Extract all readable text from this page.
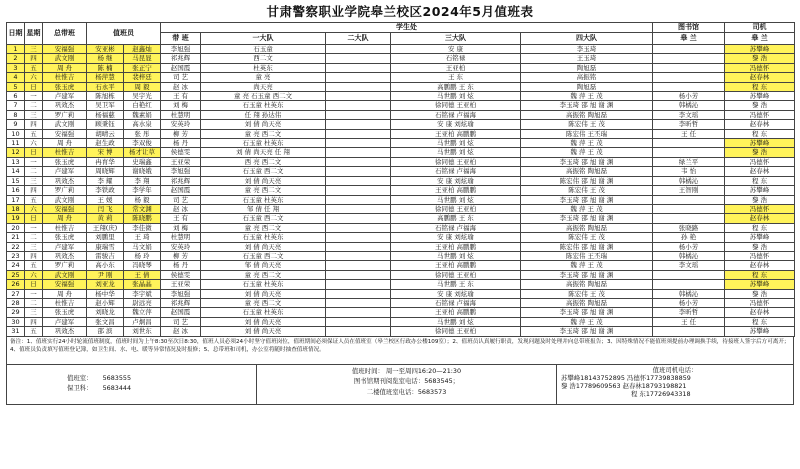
甘肃警察职业学院皋兰校区2024年5月值班表
日期	星期	总带班	值班员		学生处					图书馆	司机
					带 班	一大队	二大队	三大队	四大队	皋 兰	皋 兰
1	三	安福强	安亚彬	赵鑫灿	李旭强	石玉童		安 康	李玉琦		苏攀峰
2	四	武文刚	杨 继	马昆显	祁兆辉	西二文		石铭禄	王玉琦		黎 浩
3	五	周 舟	陈 楠	张正宁	赵国霞	杜英东		王亚柏	陶旭磊		冯德怀
4	六	杜惟吉	杨萍慧	裴梓廷	司 艺	童 亮		王 东	高振铭		赵春林
5	日	张玉虎	石永平	周 毅	赵 冰	尚天亮		高鹏鹏 王 东	陶旭磊		程 东
6	一	卢建军	陈旭栋	吴宇光	王 有	童 亮 石玉童 西二文		马世鹏 刘 炫	魏 萍 王 茂	杨小芳	苏攀峰
7	二	巩效杰	吴卫军	白艳红	刘 梅	石玉童 杜英东		徐同德 王亚柏	李玉琦 邵 旭 谢 渊	韩橘沁	黎 浩
8	三	罗广莉	杨福慈	魏素娟	杜慧明	任 翔 孙达伟		石铭禄 卢福海	高振铭 陶旭磊	李文瑶	冯德怀
9	四	武文刚	顾秉钰	高水泉	安英玲	刘 倩 尚天亮		安 康 刘炫瑜	陈宏伟 王 茂	李昕哲	赵春林
10	五	安福强	胡晴云	张 彤	柳 芳	童 亮 西二文		王亚柏 高鹏鹏	陈宏伟 王丕瑞	王 任	程 东
11	六	周 舟	赵生政	李双俊	杨 丹	石玉童 杜英东		马世鹏 刘 炫	魏 萍 王 茂		苏攀峰
12	日	杜惟吉	宋 博	杨才让草	侯德雯	刘 倩 尚天亮 任 翔		马世鹏 刘 炫	魏 萍 王 茂		黎 浩
13	一	张玉虎	冉育华	史瑞鑫	王亚荣	西 亮 西二文		徐同德 王亚柏	李玉琦 邵 旭 谢 渊	绿兰平	冯德怀
14	二	卢建军	周晓辉	谢晓娥	李旭强	石玉童 西二文		石铭禄 卢福海	高振铭 陶旭磊	韦 怡	赵春林
15	三	巩效杰	李 耀	李 翔	祁兆辉	刘 倩 尚天亮		安 康 刘炫瑜	陈宏伟 邵 旭 谢 渊	韩橘沁	程 东
16	四	罗广莉	李铁政	李学年	赵国霞	童 亮 西二文		王亚柏 高鹏鹏	陈宏伟 王 茂	王智刚	苏攀峰
17	五	武文刚	王 媛	杨 毅	司 艺	石玉童 杜英东		马世鹏 刘 炫	李玉琦 邵 旭 谢 渊		黎 浩
18	六	安福强	闫 飞	常文渊	赵 冰	邹 倩 任 翔		徐同德 王亚柏	魏 萍 王 茂		冯德怀
19	日	周 舟	黄 莉	陈晓鹏	王 有	石玉童 西二文		高鹏鹏 王 东	李玉琦 邵 旭 谢 渊		赵春林
20	一	杜惟吉	王翔(庆)	李佳微	刘 梅	童 亮 西二文		石铭禄 卢福海	高振铭 陶旭磊	张晓路	程 东
21	二	张玉虎	刘鹏里	王 琦	杜慧明	石玉童 杜英东		安 康 刘炫瑜	陈宏伟 王 茂	孙 艳	苏攀峰
22	三	卢建军	康瑞雪	马文娟	安英玲	刘 倩 尚天亮		王亚柏 高鹏鹏	陈宏伟 邵 旭 谢 渊	杨小芳	黎 浩
23	四	巩效杰	雷骏吉	杨 玲	柳 芳	石玉童 西二文		马世鹏 刘 炫	陈宏伟 王丕瑞	韩橘沁	冯德怀
24	五	罗广莉	高小东	冯晓琴	杨 丹	邹 倩 尚天亮		王亚柏 高鹏鹏	魏 萍 王 茂	李文瑶	赵春林
25	六	武文刚	尹 刚	王 倩	侯德雯	童 亮 西二文		徐同德 王亚柏	李玉琦 邵 旭 谢 渊		程 东
26	日	安福强	刘亚龙	张晶晶	王亚荣	石玉童 杜英东		马世鹏 王 东	高振铭 陶旭磊		苏攀峰
27	一	周 舟	杨中华	李宇斌	李旭强	刘 倩 尚天亮		安 康 刘炫瑜	陈宏伟 王 茂	韩橘沁	黎 浩
28	二	杜惟吉	赵小辉	尉远亮	祁兆辉	童 亮 西二文		石铭禄 卢福海	高振铭 陶旭磊	杨小芳	冯德怀
29	三	张玉虎	刘晓龙	魏立萍	赵国霞	石玉童 杜英东		王亚柏 高鹏鹏	李玉琦 邵 旭 谢 渊	李昕哲	赵春林
30	四	卢建军	张文昌	卢炯昌	司 艺	刘 倩 尚天亮		马世鹏 刘 炫	魏 萍 王 茂	王 任	程 东
31	五	巩效杰	邵 滨	刘世东	赵 冰	刘 倩 尚天亮		徐同德 王亚柏	李玉琦 邵 旭 谢 渊		苏攀峰
备注：1、值班实行24小时轮流值班制度，值班时间为上午8:30至次日8:30，值班人员必须24小时坚守值班岗位，值班期间必须保证人员在值班室（皋兰校区行政办公楼109室）；2、值班员认真履行职责，发现问题及时处理并向总带班报告；3、因特殊情况不能值班须提前办理调换手续，待接班人签字后方可离开；4、值班员负责填写值班登记簿，如卫生间、水、电、暖等异常情况及时报修；5、总带班和司机，办公室将随时抽查值班情况。
值班室： 5683555
保卫科： 5683444
值班时间： 周一至周四16:20—21:30
图书馆期刊阅览室电话：5683545；
二楼值班室电话：5683573
值班司机电话：
苏攀峰18143752895 冯德怀17739838859
黎 浩17789609563 赵春林18793198821
程 东17726943318
